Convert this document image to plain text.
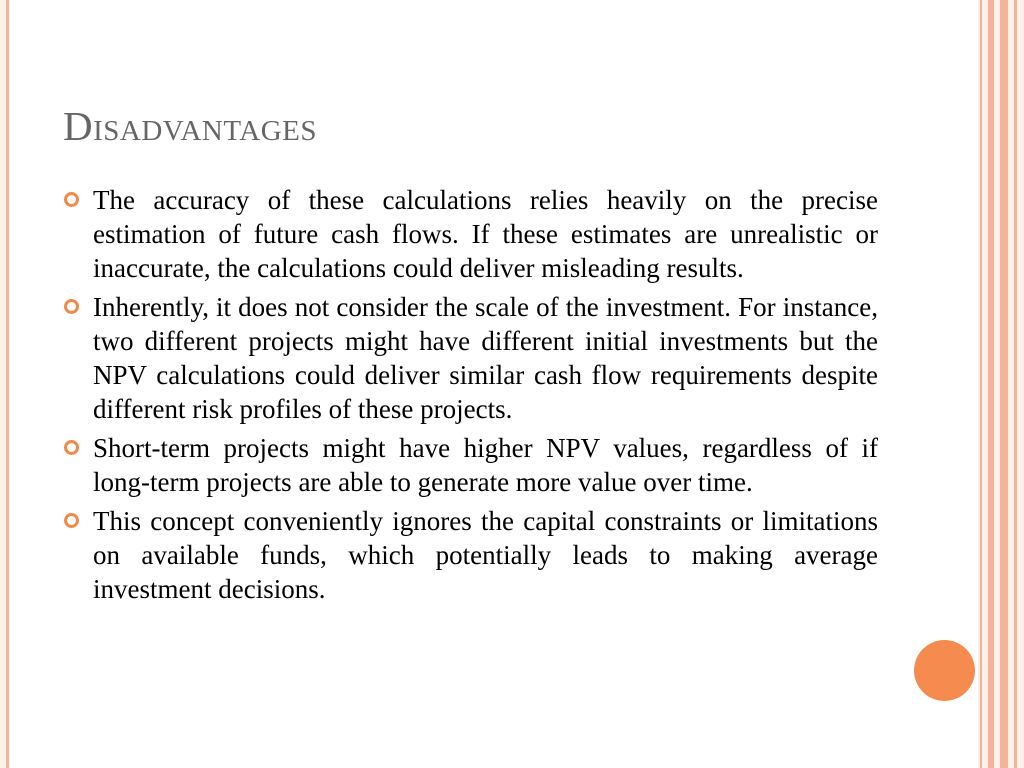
Disadvantages
The accuracy of these calculations relies heavily on the precise estimation of future cash flows. If these estimates are unrealistic or inaccurate, the calculations could deliver misleading results.
Inherently, it does not consider the scale of the investment. For instance, two different projects might have different initial investments but the NPV calculations could deliver similar cash flow requirements despite different risk profiles of these projects.
Short-term projects might have higher NPV values, regardless of if long-term projects are able to generate more value over time.
This concept conveniently ignores the capital constraints or limitations on available funds, which potentially leads to making average investment decisions.
